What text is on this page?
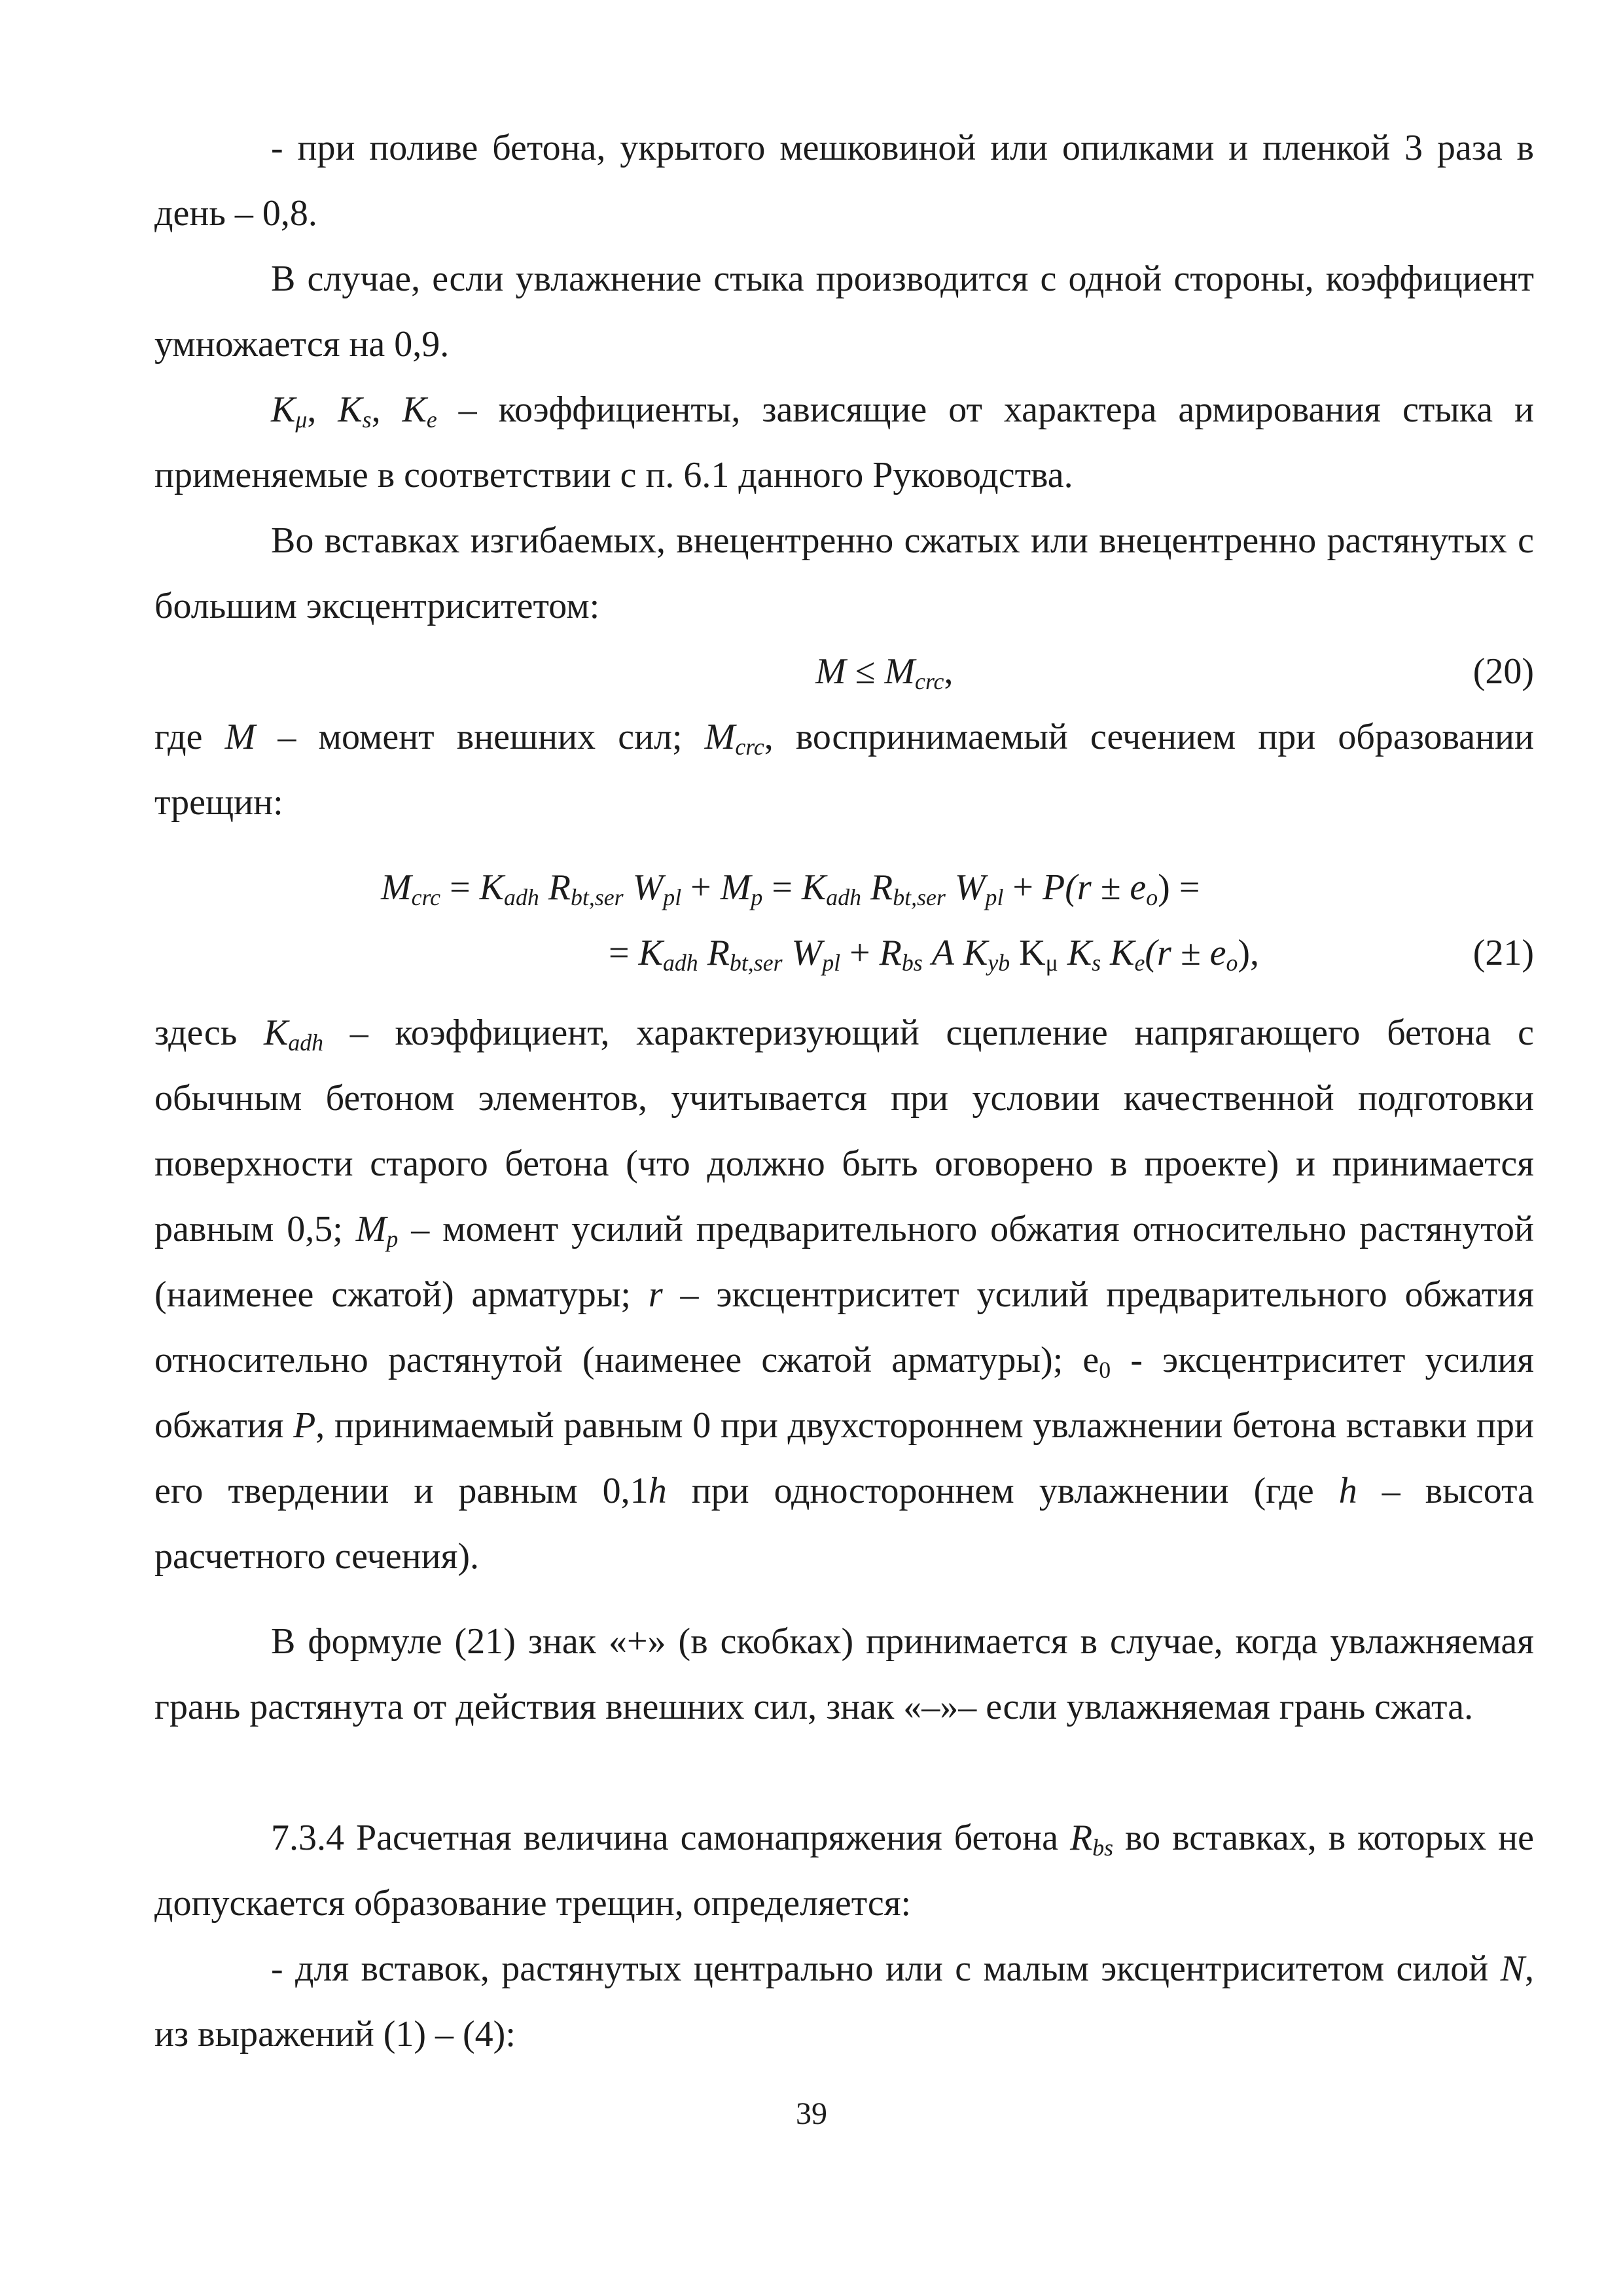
- при поливе бетона, укрытого мешковиной или опилками и пленкой 3 раза в день – 0,8.

В случае, если увлажнение стыка производится с одной стороны, коэффициент умножается на 0,9.

$K_\mu$, $K_s$, $K_e$ – коэффициенты, зависящие от характера армирования стыка и применяемые в соответствии с п. 6.1 данного Руководства.

Во вставках изгибаемых, внецентренно сжатых или внецентренно растянутых с большим эксцентриситетом:

$M \le M_{crc}$,	(20)

где M – момент внешних сил; $M_{crc}$, воспринимаемый сечением при образовании трещин:

$M_{crc} = K_{adh}$ $R_{bt,ser}$ $W_{pl} + M_p = K_{adh}$ $R_{bt,ser}$ $W_{pl} + P(r \pm e_o)$ =
= $K_{adh}$ $R_{bt,ser}$ $W_{pl} + R_{bs}$ A $K_{yb}$ $K_\mu$ $K_s$ $K_e(r \pm e_o)$,	(21)

здесь $K_{adh}$ – коэффициент, характеризующий сцепление напрягающего бетона с обычным бетоном элементов, учитывается при условии качественной подготовки поверхности старого бетона (что должно быть оговорено в проекте) и принимается равным 0,5; $M_p$ – момент усилий предварительного обжатия относительно растянутой (наименее сжатой) арматуры; r – эксцентриситет усилий предварительного обжатия относительно растянутой (наименее сжатой арматуры); $e_0$ - эксцентриситет усилия обжатия P, принимаемый равным 0 при двухстороннем увлажнении бетона вставки при его твердении и равным 0,1h при одностороннем увлажнении (где h – высота расчетного сечения).

В формуле (21) знак «+» (в скобках) принимается в случае, когда увлажняемая грань растянута от действия внешних сил, знак «–»– если увлажняемая грань сжата.

7.3.4 Расчетная величина самонапряжения бетона $R_{bs}$ во вставках, в которых не допускается образование трещин, определяется:

- для вставок, растянутых центрально или с малым эксцентриситетом силой N, из выражений (1) – (4):

39
